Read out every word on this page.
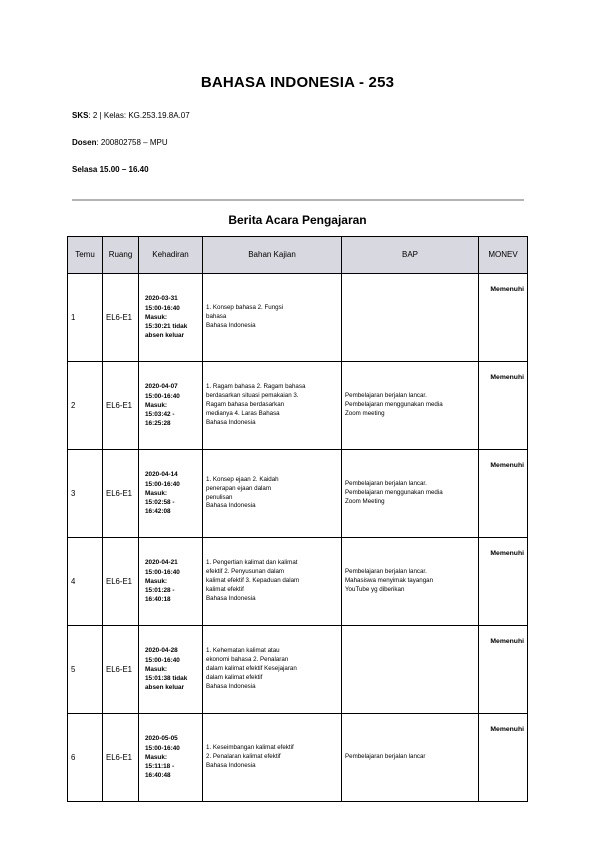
BAHASA INDONESIA - 253
SKS: 2 | Kelas: KG.253.19.8A.07
Dosen: 200802758 – MPU
Selasa 15.00 – 16.40
Berita Acara Pengajaran
Temu	Ruang	Kehadiran	Bahan Kajian	BAP	MONEV
1	EL6-E1	2020-03-31
15:00-16:40
Masuk:
15:30:21 tidak
absen keluar	1. Konsep bahasa 2. Fungsi
bahasa
Bahasa Indonesia		Memenuhi
2	EL6-E1	2020-04-07
15:00-16:40
Masuk:
15:03:42 -
16:25:28	1. Ragam bahasa 2. Ragam bahasa
berdasarkan situasi pemakaian 3.
Ragam bahasa berdasarkan
medianya 4. Laras Bahasa
Bahasa Indonesia	Pembelajaran berjalan lancar.
Pembelajaran menggunakan media
Zoom meeting	Memenuhi
3	EL6-E1	2020-04-14
15:00-16:40
Masuk:
15:02:58 -
16:42:08	1. Konsep ejaan 2. Kaidah
penerapan ejaan dalam
penulisan
Bahasa Indonesia	Pembelajaran berjalan lancar.
Pembelajaran menggunakan media
Zoom Meeting	Memenuhi
4	EL6-E1	2020-04-21
15:00-16:40
Masuk:
15:01:28 -
16:40:18	1. Pengertian kalimat dan kalimat
efektif 2. Penyusunan dalam
kalimat efektif 3. Kepaduan dalam
kalimat efektif
Bahasa Indonesia	Pembelajaran berjalan lancar.
Mahasiswa menyimak tayangan
YouTube yg diberikan	Memenuhi
5	EL6-E1	2020-04-28
15:00-16:40
Masuk:
15:01:38 tidak
absen keluar	1. Kehematan kalimat atau
ekonomi bahasa 2. Penalaran
dalam kalimat efektif Kesejajaran
dalam kalimat efektif
Bahasa Indonesia		Memenuhi
6	EL6-E1	2020-05-05
15:00-16:40
Masuk:
15:11:18 -
16:40:48	1. Keseimbangan kalimat efektif
2. Penalaran kalimat efektif
Bahasa Indonesia	Pembelajaran berjalan lancar	Memenuhi
